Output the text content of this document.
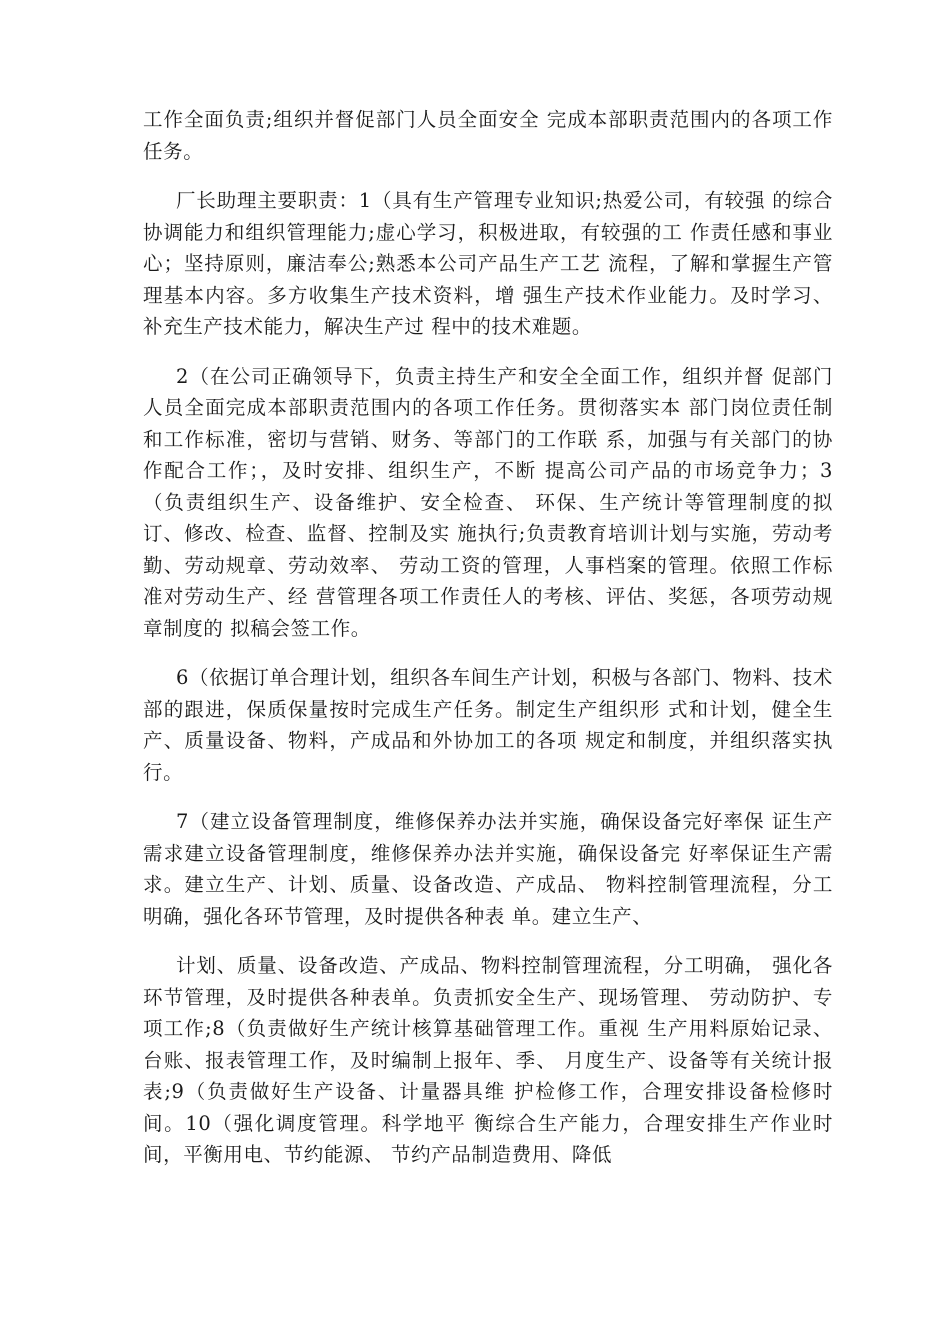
工作全面负责;组织并督促部门人员全面安全 完成本部职责范围内的各项工作任务。

厂长助理主要职责：1（具有生产管理专业知识;热爱公司，有较强 的综合协调能力和组织管理能力;虚心学习，积极进取，有较强的工 作责任感和事业心；坚持原则，廉洁奉公;熟悉本公司产品生产工艺 流程，了解和掌握生产管理基本内容。多方收集生产技术资料，增 强生产技术作业能力。及时学习、补充生产技术能力，解决生产过 程中的技术难题。

2（在公司正确领导下，负责主持生产和安全全面工作，组织并督 促部门人员全面完成本部职责范围内的各项工作任务。贯彻落实本 部门岗位责任制和工作标准，密切与营销、财务、等部门的工作联 系，加强与有关部门的协作配合工作；，及时安排、组织生产，不断 提高公司产品的市场竞争力；3（负责组织生产、设备维护、安全检查、 环保、生产统计等管理制度的拟订、修改、检查、监督、控制及实 施执行;负责教育培训计划与实施，劳动考勤、劳动规章、劳动效率、 劳动工资的管理，人事档案的管理。依照工作标准对劳动生产、经 营管理各项工作责任人的考核、评估、奖惩，各项劳动规章制度的 拟稿会签工作。

6（依据订单合理计划，组织各车间生产计划，积极与各部门、物料、技术部的跟进，保质保量按时完成生产任务。制定生产组织形 式和计划，健全生产、质量设备、物料，产成品和外协加工的各项 规定和制度，并组织落实执行。

7（建立设备管理制度，维修保养办法并实施，确保设备完好率保 证生产需求建立设备管理制度，维修保养办法并实施，确保设备完 好率保证生产需求。建立生产、计划、质量、设备改造、产成品、 物料控制管理流程，分工明确，强化各环节管理，及时提供各种表 单。建立生产、

计划、质量、设备改造、产成品、物料控制管理流程，分工明确， 强化各环节管理，及时提供各种表单。负责抓安全生产、现场管理、 劳动防护、专项工作;8（负责做好生产统计核算基础管理工作。重视 生产用料原始记录、台账、报表管理工作，及时编制上报年、季、 月度生产、设备等有关统计报表;9（负责做好生产设备、计量器具维 护检修工作，合理安排设备检修时间。10（强化调度管理。科学地平 衡综合生产能力，合理安排生产作业时间，平衡用电、节约能源、 节约产品制造费用、降低
